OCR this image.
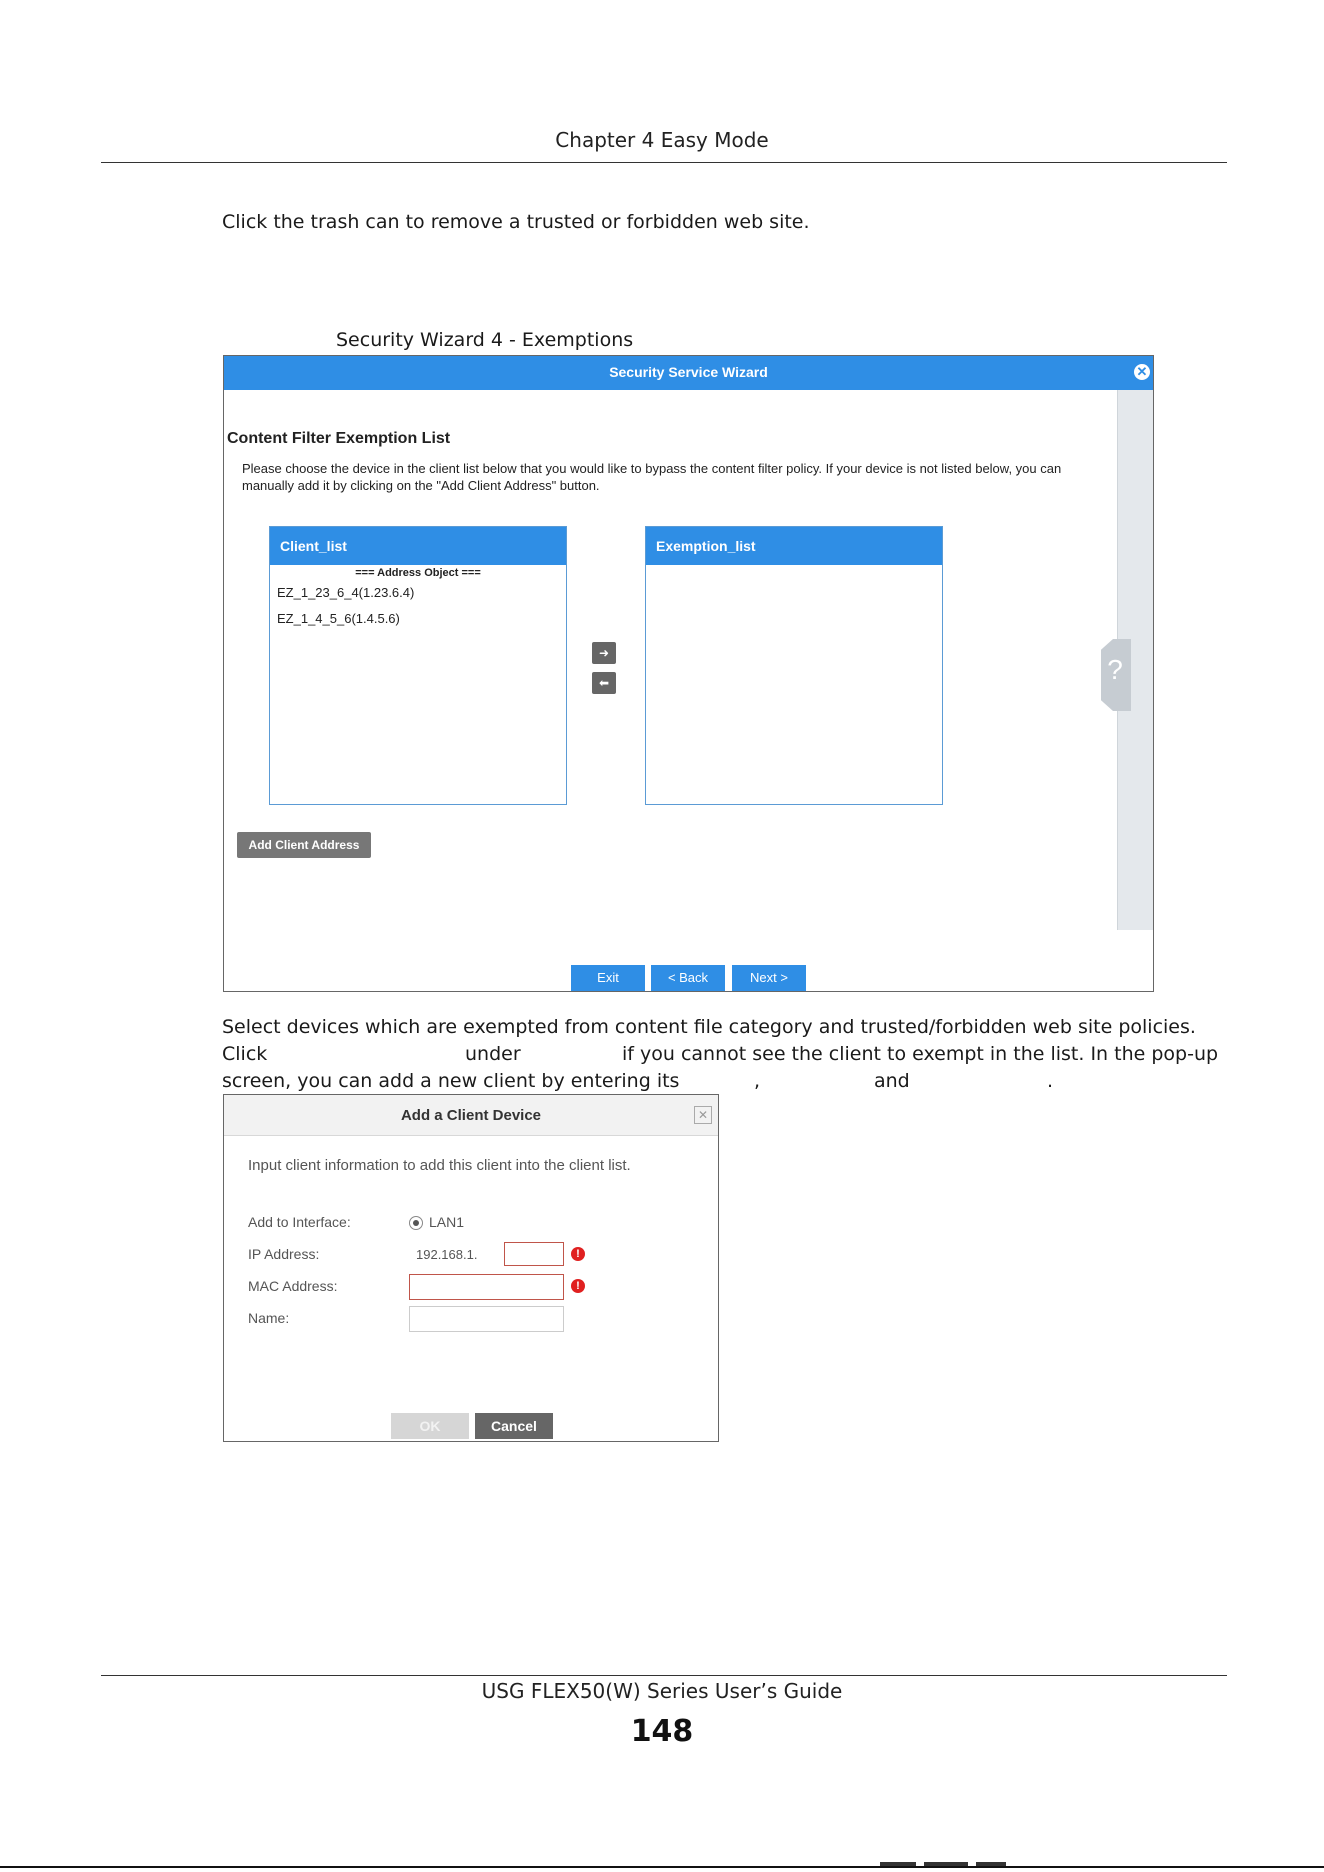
Chapter 4 Easy Mode
Click the trash can to remove a trusted or forbidden web site.
Security Wizard 4 - Exemptions
Security Service Wizard	✕
?
Content Filter Exemption List
Please choose the device in the client list below that you would like to bypass the content filter policy. If your device is not listed below, you can manually add it by clicking on the "Add Client Address" button.
Client_list
=== Address Object ===
EZ_1_23_6_4(1.23.6.4)
EZ_1_4_5_6(1.4.5.6)
➜
⬅
Exemption_list
Add Client Address
Exit	< Back	Next >
Select devices which are exempted from content file category and trusted/forbidden web site policies.
Click	under	if you cannot see the client to exempt in the list. In the pop-up
screen, you can add a new client by entering its	,	and	.
Add a Client Device	✕
Input client information to add this client into the client list.
Add to Interface:	LAN1
IP Address:	192.168.1.	!
MAC Address:	!
Name:
OK	Cancel
USG FLEX50(W) Series User’s Guide
148
